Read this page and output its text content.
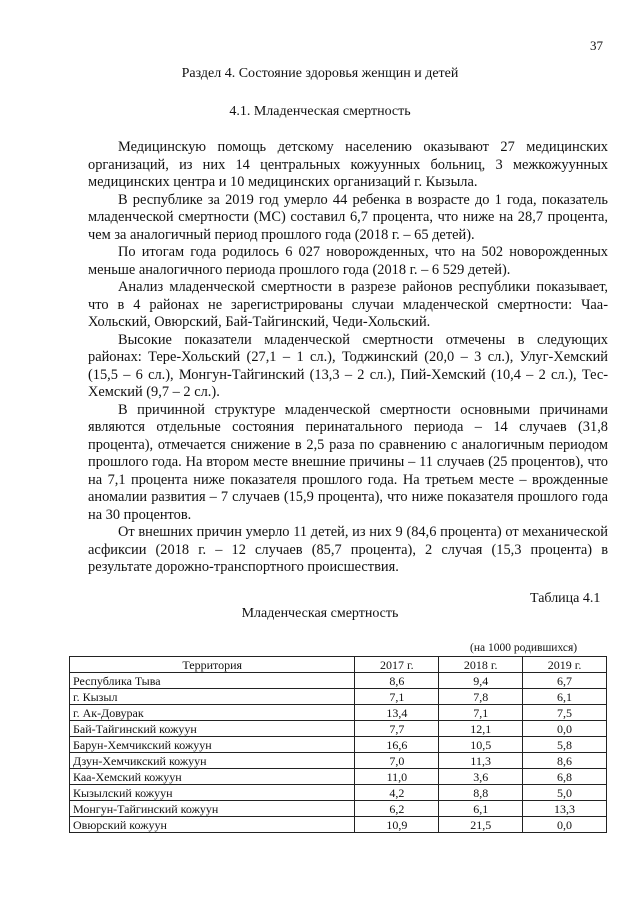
37
Раздел 4. Состояние здоровья женщин и детей
4.1. Младенческая смертность

Медицинскую помощь детскому населению оказывают 27 медицинских организаций, из них 14 центральных кожуунных больниц, 3 межкожуунных медицинских центра и 10 медицинских организаций г. Кызыла.

В республике за 2019 год умерло 44 ребенка в возрасте до 1 года, показатель младенческой смертности (МС) составил 6,7 процента, что ниже на 28,7 процента, чем за аналогичный период прошлого года (2018 г. – 65 детей).

По итогам года родилось 6 027 новорожденных, что на 502 новорожденных меньше аналогичного периода прошлого года (2018 г. – 6 529 детей).

Анализ младенческой смертности в разрезе районов республики показывает, что в 4 районах не зарегистрированы случаи младенческой смертности: Чаа-Хольский, Овюрский, Бай-Тайгинский, Чеди-Хольский.

Высокие показатели младенческой смертности отмечены в следующих районах: Тере-Хольский (27,1 – 1 сл.), Тоджинский (20,0 – 3 сл.), Улуг-Хемский (15,5 – 6 сл.), Монгун-Тайгинский (13,3 – 2 сл.), Пий-Хемский (10,4 – 2 сл.), Тес-Хемский (9,7 – 2 сл.).

В причинной структуре младенческой смертности основными причинами являются отдельные состояния перинатального периода – 14 случаев (31,8 процента), отмечается снижение в 2,5 раза по сравнению с аналогичным периодом прошлого года. На втором месте внешние причины – 11 случаев (25 процентов), что на 7,1 процента ниже показателя прошлого года. На третьем месте – врожденные аномалии развития – 7 случаев (15,9 процента), что ниже показателя прошлого года на 30 процентов.

От внешних причин умерло 11 детей, из них 9 (84,6 процента) от механической асфиксии (2018 г. – 12 случаев (85,7 процента), 2 случая (15,3 процента) в результате дорожно-транспортного происшествия.

Таблица 4.1
Младенческая смертность
(на 1000 родившихся)
Территория	2017 г.	2018 г.	2019 г.
Республика Тыва	8,6	9,4	6,7
г. Кызыл	7,1	7,8	6,1
г. Ак-Довурак	13,4	7,1	7,5
Бай-Тайгинский кожуун	7,7	12,1	0,0
Барун-Хемчикский кожуун	16,6	10,5	5,8
Дзун-Хемчикский кожуун	7,0	11,3	8,6
Каа-Хемский кожуун	11,0	3,6	6,8
Кызылский кожуун	4,2	8,8	5,0
Монгун-Тайгинский кожуун	6,2	6,1	13,3
Овюрский кожуун	10,9	21,5	0,0
